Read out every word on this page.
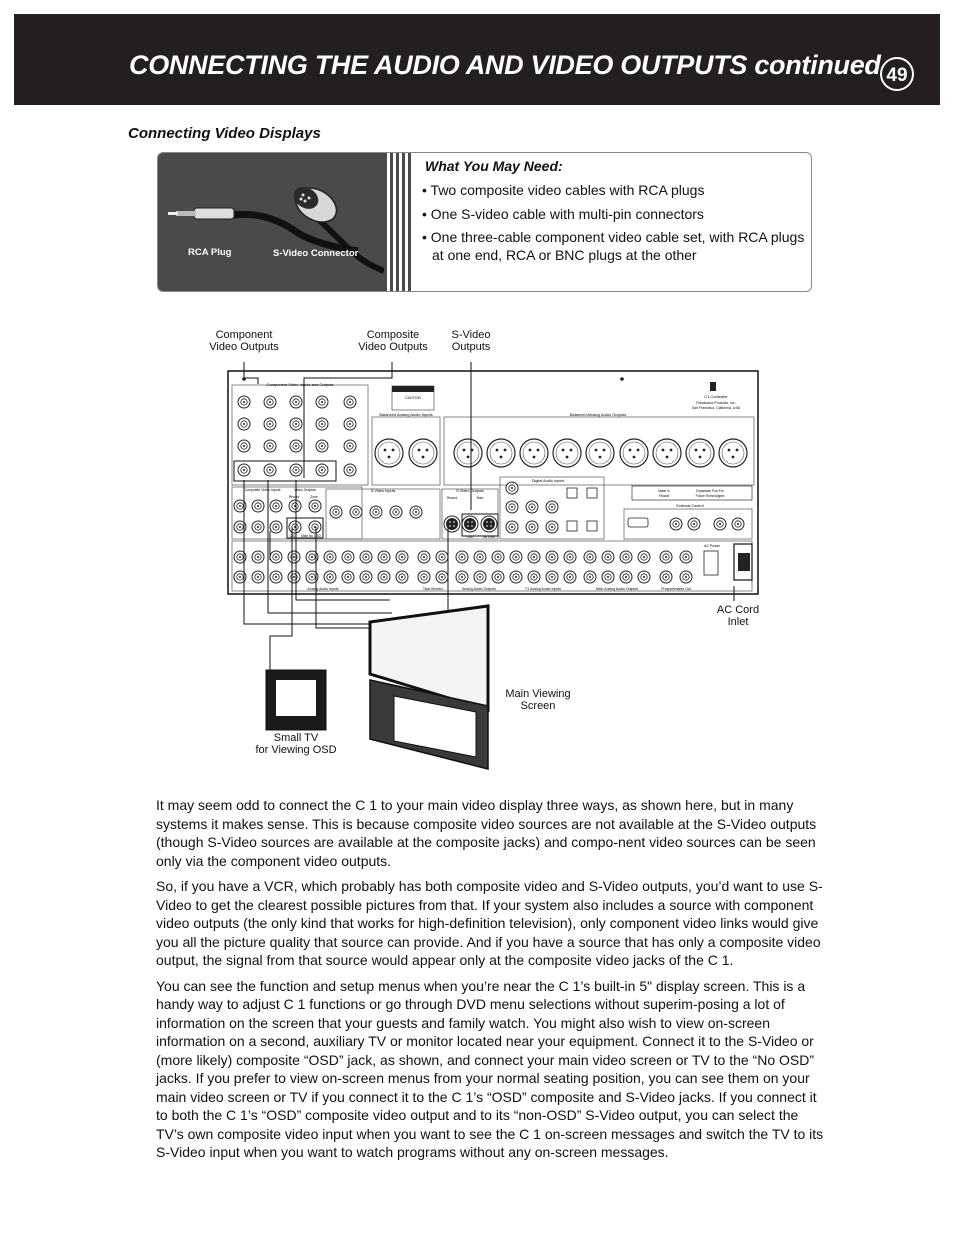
CONNECTING THE AUDIO AND VIDEO OUTPUTS continued 49
Connecting Video Displays
RCA Plug	S-Video Connector
What You May Need:
• Two composite video cables with RCA plugs
• One S-video cable with multi-pin connectors
• One three-cable component video cable set, with RCA plugs at one end, RCA or BNC plugs at the other
Component
Video Outputs
Composite
Video Outputs
S-Video
Outputs
AC Cord
Inlet
Main Viewing
Screen
Small TV
for Viewing OSD
Component Video Inputs and Outputs
CAUTION
Balanced Analog Audio Inputs	Balanced Analog Audio Outputs
C1 Controller
Parasound Products, Inc.
San Francisco, California, USA
Composite Video Inputs	Video Outputs
Record	Zone
OSD Main No OSD
S-Video Inputs	S-Video Outputs
Record	Main
OSD	No OSD
Digital Audio Inputs
Made In
Finland
Expansion Port For
Future Technologies
External Control
Analog Audio Inputs	Tape Monitor	Analog Audio Outputs	T1 Analog Audio Inputs	Main Analog Audio Outputs	Programmable Out
AC Power

It may seem odd to connect the C 1 to your main video display three ways, as shown here, but in many systems it makes sense. This is because composite video sources are not available at the S-Video outputs (though S-Video sources are available at the composite jacks) and compo-nent video sources can be seen only via the component video outputs.

So, if you have a VCR, which probably has both composite video and S-Video outputs, you’d want to use S-Video to get the clearest possible pictures from that. If your system also includes a source with component video outputs (the only kind that works for high-definition television), only component video links would give you all the picture quality that source can provide. And if you have a source that has only a composite video output, the signal from that source would appear only at the composite video jacks of the C 1.

You can see the function and setup menus when you’re near the C 1’s built-in 5" display screen. This is a handy way to adjust C 1 functions or go through DVD menu selections without superim-posing a lot of information on the screen that your guests and family watch. You might also wish to view on-screen information on a second, auxiliary TV or monitor located near your equipment. Connect it to the S-Video or (more likely) composite “OSD” jack, as shown, and connect your main video screen or TV to the “No OSD” jacks. If you prefer to view on-screen menus from your normal seating position, you can see them on your main video screen or TV if you connect it to the C 1’s “OSD” composite and S-Video jacks. If you connect it to both the C 1’s “OSD” composite video output and to its “non-OSD” S-Video output, you can select the TV’s own composite video input when you want to see the C 1 on-screen messages and switch the TV to its S-Video input when you want to watch programs without any on-screen messages.
